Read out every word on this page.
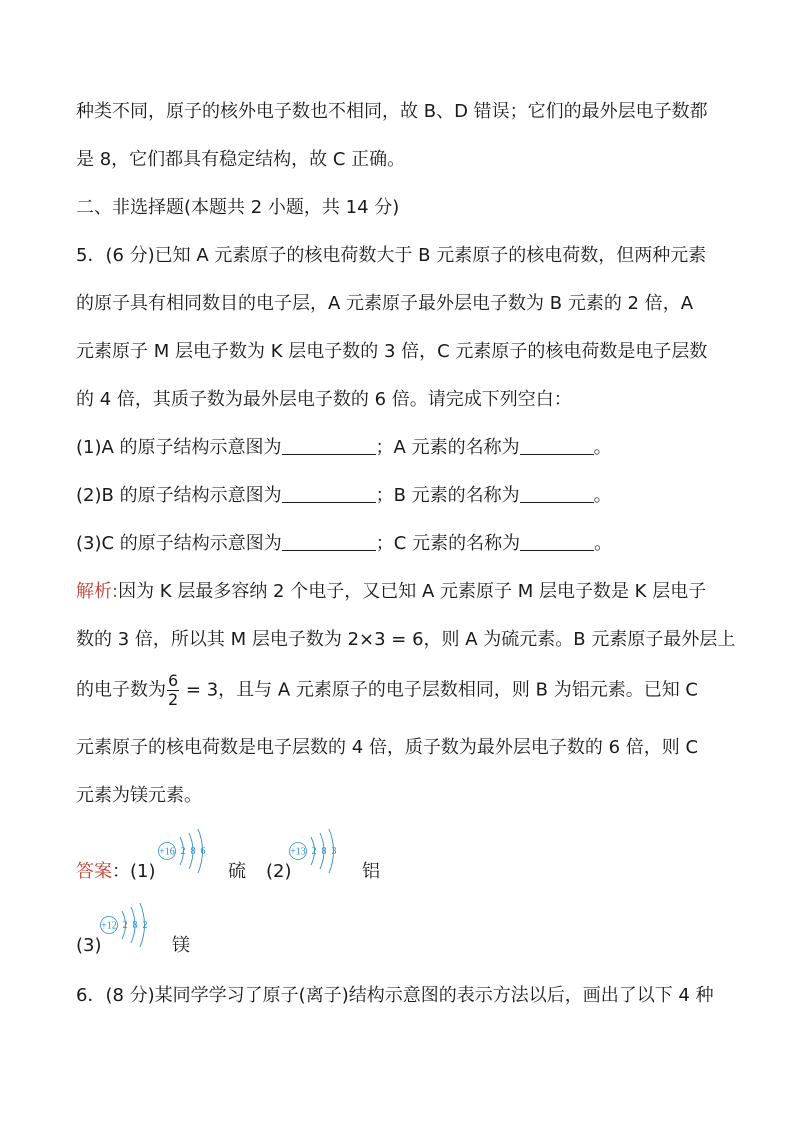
种类不同，原子的核外电子数也不相同，故 B、D 错误；它们的最外层电子数都
是 8，它们都具有稳定结构，故 C 正确。
二、非选择题(本题共 2 小题，共 14 分)
5．(6 分)已知 A 元素原子的核电荷数大于 B 元素原子的核电荷数，但两种元素
的原子具有相同数目的电子层，A 元素原子最外层电子数为 B 元素的 2 倍，A
元素原子 M 层电子数为 K 层电子数的 3 倍，C 元素原子的核电荷数是电子层数
的 4 倍，其质子数为最外层电子数的 6 倍。请完成下列空白：
(1)A 的原子结构示意图为	；A 元素的名称为	。
(2)B 的原子结构示意图为	；B 元素的名称为	。
(3)C 的原子结构示意图为	；C 元素的名称为	。
解析:因为 K 层最多容纳 2 个电子，又已知 A 元素原子 M 层电子数是 K 层电子
数的 3 倍，所以其 M 层电子数为 2×3 = 6，则 A 为硫元素。B 元素原子最外层上
的电子数为 $\frac{6}{2} = 3$，且与 A 元素原子的电子层数相同，则 B 为铝元素。已知 C
元素原子的核电荷数是电子层数的 4 倍，质子数为最外层电子数的 6 倍，则 C
元素为镁元素。
答案：(1)
+16 2 8 6
硫	(2)
+13 2 8 3
铝
(3)
+12 2 8 2
镁
6．(8 分)某同学学习了原子(离子)结构示意图的表示方法以后，画出了以下 4 种
